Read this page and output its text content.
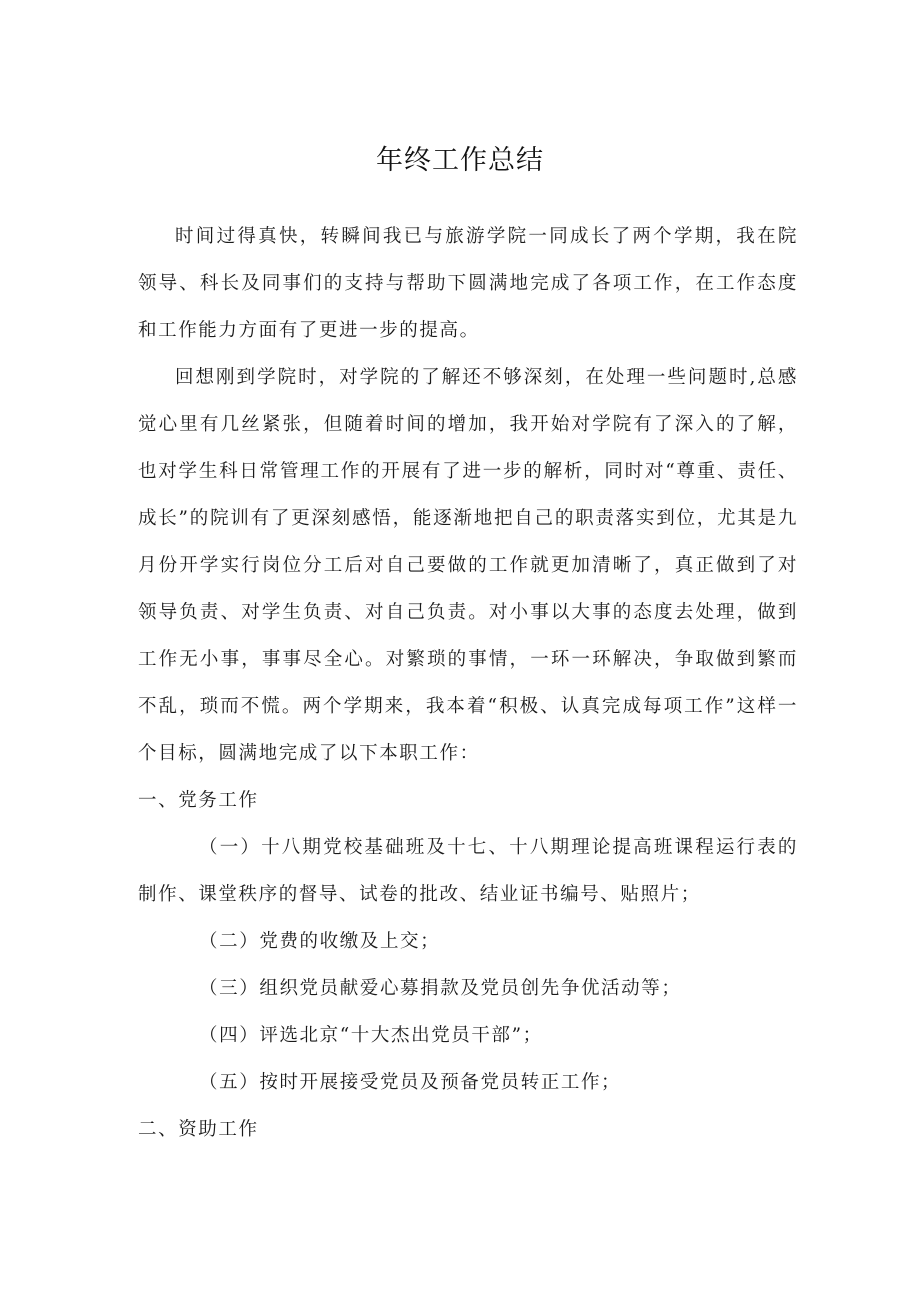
年终工作总结

时间过得真快，转瞬间我已与旅游学院一同成长了两个学期，我在院领导、科长及同事们的支持与帮助下圆满地完成了各项工作，在工作态度和工作能力方面有了更进一步的提高。

回想刚到学院时，对学院的了解还不够深刻，在处理一些问题时,总感觉心里有几丝紧张，但随着时间的增加，我开始对学院有了深入的了解，也对学生科日常管理工作的开展有了进一步的解析，同时对“尊重、责任、成长”的院训有了更深刻感悟，能逐渐地把自己的职责落实到位，尤其是九月份开学实行岗位分工后对自己要做的工作就更加清晰了，真正做到了对领导负责、对学生负责、对自己负责。对小事以大事的态度去处理，做到工作无小事，事事尽全心。对繁琐的事情，一环一环解决，争取做到繁而不乱，琐而不慌。两个学期来，我本着“积极、认真完成每项工作”这样一个目标，圆满地完成了以下本职工作：

一、党务工作

（一）十八期党校基础班及十七、十八期理论提高班课程运行表的制作、课堂秩序的督导、试卷的批改、结业证书编号、贴照片；

（二）党费的收缴及上交；

（三）组织党员献爱心募捐款及党员创先争优活动等；

（四）评选北京“十大杰出党员干部”；

（五）按时开展接受党员及预备党员转正工作；

二、资助工作
